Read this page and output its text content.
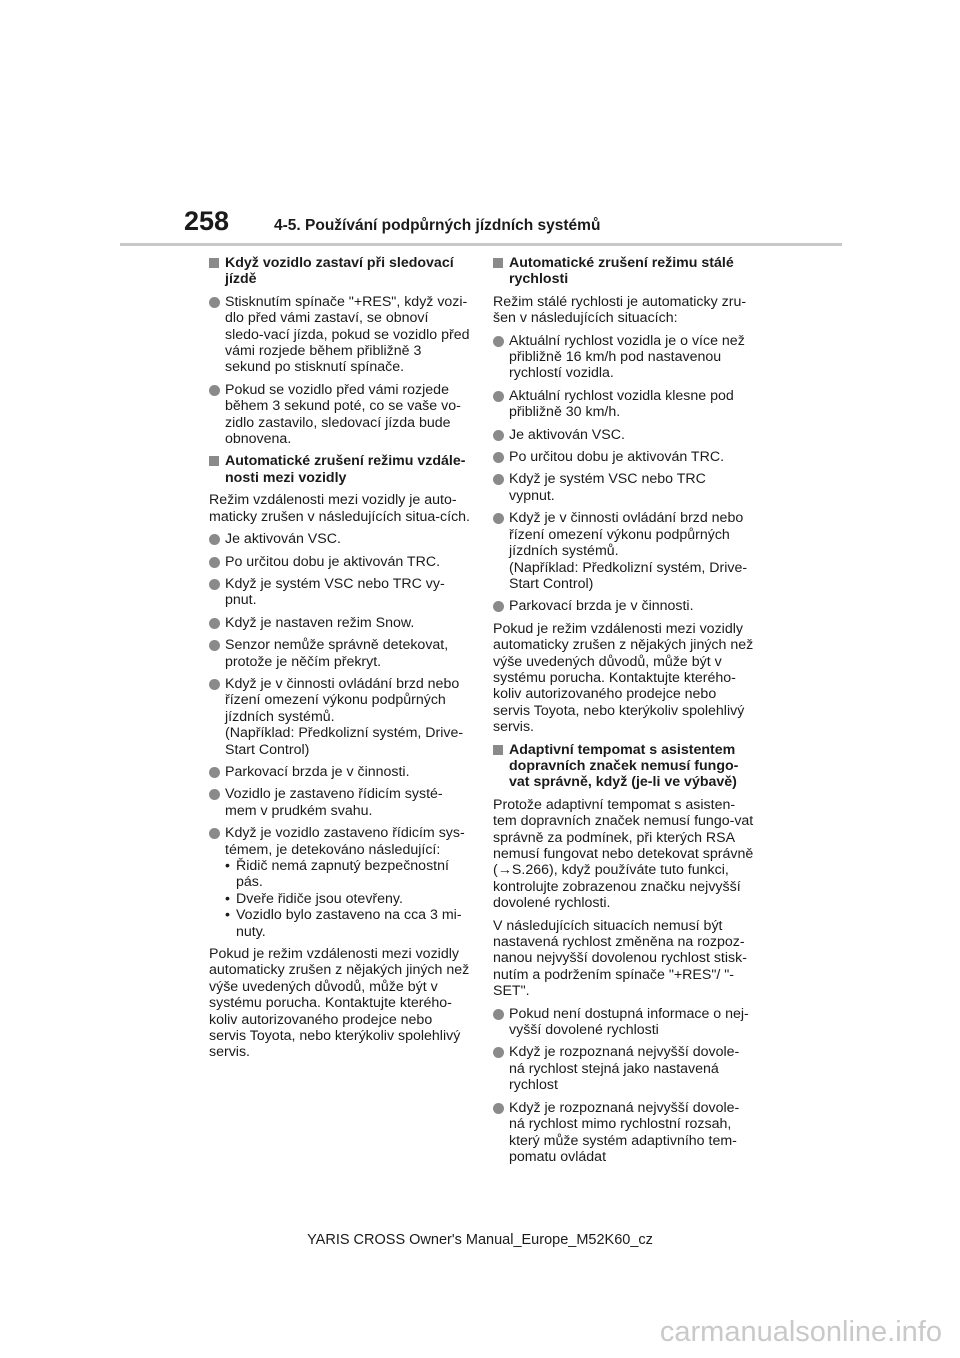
258	4-5. Používání podpůrných jízdních systémů
Když vozidlo zastaví při sledovací jízdě
Stisknutím spínače "+RES", když vozi-dlo před vámi zastaví, se obnoví sledo-vací jízda, pokud se vozidlo před vámi rozjede během přibližně 3 sekund po stisknutí spínače.
Pokud se vozidlo před vámi rozjede během 3 sekund poté, co se vaše vo-zidlo zastavilo, sledovací jízda bude obnovena.
Automatické zrušení režimu vzdále-nosti mezi vozidly
Režim vzdálenosti mezi vozidly je auto-maticky zrušen v následujících situa-cích.
Je aktivován VSC.
Po určitou dobu je aktivován TRC.
Když je systém VSC nebo TRC vy-pnut.
Když je nastaven režim Snow.
Senzor nemůže správně detekovat, protože je něčím překryt.
Když je v činnosti ovládání brzd nebo řízení omezení výkonu podpůrných jízdních systémů.
(Například: Předkolizní systém, Drive-Start Control)
Parkovací brzda je v činnosti.
Vozidlo je zastaveno řídicím systé-mem v prudkém svahu.
Když je vozidlo zastaveno řídicím sys-témem, je detekováno následující:
• Řidič nemá zapnutý bezpečnostní pás.
• Dveře řidiče jsou otevřeny.
• Vozidlo bylo zastaveno na cca 3 mi-nuty.
Pokud je režim vzdálenosti mezi vozidly automaticky zrušen z nějakých jiných než výše uvedených důvodů, může být v systému porucha. Kontaktujte kterého-koliv autorizovaného prodejce nebo servis Toyota, nebo kterýkoliv spolehlivý servis.
Automatické zrušení režimu stálé rychlosti
Režim stálé rychlosti je automaticky zru-šen v následujících situacích:
Aktuální rychlost vozidla je o více než přibližně 16 km/h pod nastavenou rychlostí vozidla.
Aktuální rychlost vozidla klesne pod přibližně 30 km/h.
Je aktivován VSC.
Po určitou dobu je aktivován TRC.
Když je systém VSC nebo TRC vypnut.
Když je v činnosti ovládání brzd nebo řízení omezení výkonu podpůrných jízdních systémů.
(Například: Předkolizní systém, Drive-Start Control)
Parkovací brzda je v činnosti.
Pokud je režim vzdálenosti mezi vozidly automaticky zrušen z nějakých jiných než výše uvedených důvodů, může být v systému porucha. Kontaktujte kterého-koliv autorizovaného prodejce nebo servis Toyota, nebo kterýkoliv spolehlivý servis.
Adaptivní tempomat s asistentem dopravních značek nemusí fungo-vat správně, když (je-li ve výbavě)
Protože adaptivní tempomat s asisten-tem dopravních značek nemusí fungo-vat správně za podmínek, při kterých RSA nemusí fungovat nebo detekovat správně (→S.266), když používáte tuto funkci, kontrolujte zobrazenou značku nejvyšší dovolené rychlosti.
V následujících situacích nemusí být nastavená rychlost změněna na rozpoz-nanou nejvyšší dovolenou rychlost stisk-nutím a podržením spínače "+RES"/ "-SET".
Pokud není dostupná informace o nej-vyšší dovolené rychlosti
Když je rozpoznaná nejvyšší dovole-ná rychlost stejná jako nastavená rychlost
Když je rozpoznaná nejvyšší dovole-ná rychlost mimo rychlostní rozsah, který může systém adaptivního tem-pomatu ovládat
YARIS CROSS Owner's Manual_Europe_M52K60_cz
carmanualsonline.info
